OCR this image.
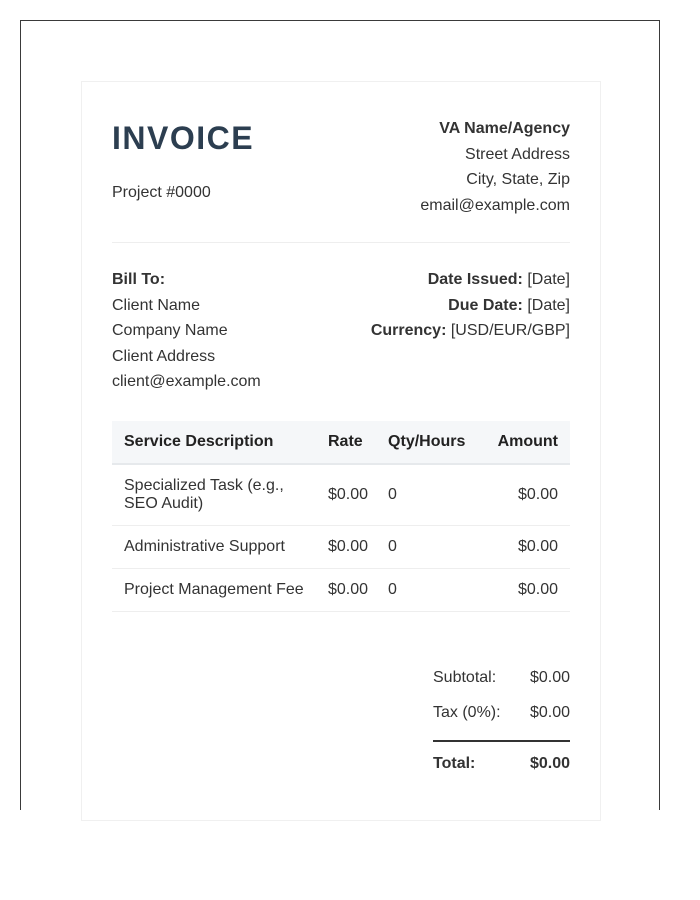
INVOICE
Project #0000
VA Name/Agency
Street Address
City, State, Zip
email@example.com
Bill To:
Client Name
Company Name
Client Address
client@example.com
Date Issued: [Date]
Due Date: [Date]
Currency: [USD/EUR/GBP]
Service Description	Rate	Qty/Hours	Amount
Specialized Task (e.g., SEO Audit)	$0.00	0	$0.00
Administrative Support	$0.00	0	$0.00
Project Management Fee	$0.00	0	$0.00
Subtotal: $0.00
Tax (0%): $0.00
Total:	$0.00
